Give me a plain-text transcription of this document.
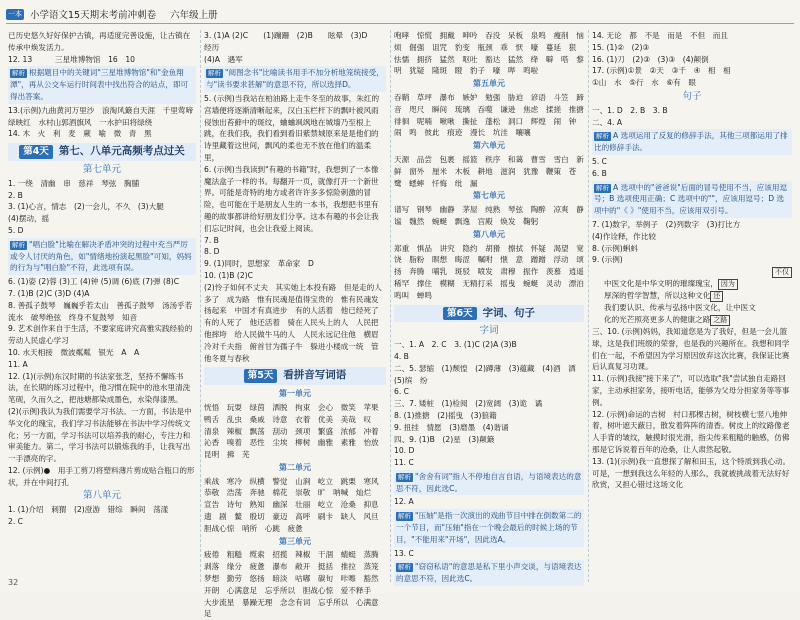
一本 小学语文15天期末考前冲刺卷 六年级上册

已历史悠久好好保护古镇，再适度完善设施，让古镇在

传承中焕发活力。

12. 13　　　三星堆博物馆　16　10

解析 根据题目中的关键词"三星堆博物馆"和"金鱼翔潭"，再从公交车运行时间表中找出符合的站点，即可得出答案。

13.(示例)九曲黄河万里沙　浪淘风簸自天涯　千里莺啼绿映红　水村山郭酒旗风　一水护田将绿绕

14. 木　火　利　麦　蕨　喻　微　青　黑

第4天 第七、八单元高频考点过关
第七单元

1. 一绕　清幽　串　慈祥　琴弦　胸脯

2. B

3. (1)心言，情志　(2)一会儿，不久　(3)大腿

(4)摆动，摇

5. D

解析 "唱白脸"比喻在解决矛盾冲突的过程中充当严厉或令人讨厌的角色，如"情绪地扮演起黑脸"可知，妈妈的行为与"唱白脸"不符，此选项有误。

6. (1)姿 (2)蓉 (3)工 (4)钟 (5)调 (6)底 (7)弹 (8)C

7. (1)B (2)C (3)D (4)A

8. 善孤子鼓琴　巍巍乎若太山　善孤子鼓琴　汤汤乎若流水　破琴绝弦　终身不复鼓琴　知音

9. 艺术创作来自于生活，不要家庭讲究高雅实践经验的劳动人民虚心学习

10. 水天相接　微波粼粼　银光　A　A

11. A

12. (1)(示例)东汉时期的书法家张芝，坚持不懈练书法，在长期的练习过程中，他习惯在院中的池水里清洗笔砚，久而久之，把池塘都染成墨色，水染得漆黑。

(2)(示例)我认为我们需要学习书法。一方面，书法是中华文化的瑰宝，我们学习书法能够在书法中学习传统文化；另一方面，学习书法可以培养我的耐心，专注力和审美能力。第二，学习书法可以锻炼我的手，让我写出一手漂亮的字。

12. (示例)●　用手工剪刀将塑料薄片剪成贴合瓶口的形状，并在中间打孔

第八单元

1. (1)介绍　刺猬　(2)澄游　错综　瞬间　荡漾

2. C

3. (1)A (2)C　　(1)蹦跚　(2)B　　眩晕　(3)D　　经历

(4)A　遇军

解析 "阅图念书"比喻读书用手不加分析地笼统接受，与"读书要求甚解"的意思不符，所以选择D。

5. (示例)当我站在柏油路上走牛冬至的故事，朱红的宫墙便将逐渐清晰起来，汉白玉栏杆下的飘叶被风雨侵蚀出苔藓中的斑纹，蛐蛐飒飒地在城墙乃至根上跳，在我们我，我们看到看旧紫禁城原来是是他们的诗里藏着这世间，飘风的柔也无不放在他们的温柔里，

6. (示例)当我读到"有趣的书籍"时，我想到了一本像魔法盒子一样的书。每翻开一页，就像打开一个新世界。可能是奇特的地方或者许许多多惊险刺激的冒险，也可能在于是朋友人生的一本书，我想把书里有趣的故事都讲给好朋友们分享。这本有趣的书会让我们忘记时间，也会让我爱上阅读。

7. B

8. D

9. (1)同时，思想家　革命家　D

10. (1)B (2)C

(2)怜子如何不丈夫　其实她上本投有路　但是走的人多了　成为路　惟有民魂是值得宝贵的　惟有民魂发扬起来　中国才有真进步　有的人活着　他已经死了　有的人死了　他还活着　骑在人民头上的人　人民把他摔垮　给人民做牛马的人　人民永远记住他　横眉冷对千夫指　俯首甘为孺子牛　躲进小楼成一统　管他冬夏与春秋

第5天 看拼音写词语
第一单元

恍悟　玩耍　绿茵　洒脱　拘束　会心　微笑　苹果　鸭舌　乱虫　桑戚　诗意　衣着　优美　美哉　叹　清泉　辣椒　飘荡　刮动　颈项　繁盛　浓郁　冲着　沁香　嗅着　恶性　尘埃　柳树　幽雅　素雅　怡放　昆明　拂　芜

第二单元

乘战　寒冷　纵横　警觉　山涧　屹立　跳栗　寒风　恭敬　浩荡　奔驰　棉花　崇敬　旷　呐喊　灿烂　宣告　诗句　熟知　幽深　壮丽　屹立　沧桑　抑息　遗　剧　鳌　殷切　豪迈　高呼　刷卡　缺人　风旦　胆战心惊　哨所　心跳　疲惫

第三单元

疲倦　粗糙　缆索　招揽　辣椒　干涸　蜻蜓　蒸腾　剥落　缘分　疲惫　瀑布　敞开　挺括　推拉　蒸笼　梦想　勤劳　悠扬　暗淡　咕嘟　碳旬　咔嚓　豁然开朗　心满意足　忘乎所以　胆战心惊　爱不释手　大步流星　暴躁无理　念念有词　忘乎所以　心满意足

咆哮　惊慌　拥戴　呻吟　吞没　呆板　泉鸣　瘦削　恼　烦　倔强　诅咒　豹变　瓶颈　乖　恹　嚎　蔓延　狠　怯懦　拥挤　猛然　呕吐　豁达　猛然　绛　噼　嗒　黎明　犹疑　隆斑　瞪　豹子　嚎　哔　鸣啦　

第五单元

吞鞘　草坪　瀑布　嫉妒　勉强　胁迫　谚语　斗笠　蹄音　咫尺　瞬间　琉璃　吞噬　谦逊　焦虑　揉搓　推搪　徘徊　呢喃　啾啾　撕扯　蓬松　洞口　辉煌　闹　钟　闹　鸣　彼此　痕迹　漫长　坑洼　嚷嚷

第六单元

天源　品尝　包裹　摇篮　秩序　和蔼　曹雪　雪白　新鲜　窗外　厘米　木板　耕地　滋润　犹豫　鞭策　苍　鹭　蟋蟀　忏悔　纰　漏

第七单元

谱写　钢琴　幽静　茅屋　纯熟　琴弦　陶醉　凉爽　静谧　魏然　蜿蜒　飘逸　宫殿　焕发　鞠躬

第八单元

郑重　惧品　讲究　隐约　胡猾　擦拭　怀疑　渴望　宽饶　脂粉　瞑想　晦涩　嘱咐　惬　意　蹭蹭　浮动　颂扬　奔腾　哺乳　斑驳　喷发　肃穆　振作　羡慕　逍遥　稀罕　撑住　模糊　无精打采　摇曳　蜿蜒　灵动　漂泊　鸣叫　蝉鸣

第6天 字词、句子
字词

一、1. A　2. C　3. (1)C (2)A (3)B

4. B

二、5. 瑟缩　(1)颓惶　(2)蹲薄　(3)蕴藏　(4)酒　洒　(5)缤　纷

6. C

三、7. 矮桩　(1)检阅　(2)宽阔　(3)诡　谲

8. (1)推搪　(2)摇曳　(3)狼籍

9. 扭挂　情愿　(3)磨墨　(4)谐诵

四、9. (1)B　(2)星　(3)颠簸

10. D

11. C

解析 "舍舍有词"指人不停地自言自语，与语境表达的意思不符，因此选C。

12. A

解析 "压轴"是指一次演出的戏曲节目中排在倒数第二的一个节目，而"压轴"指在一个晚会最后的时候上场的节目，"不能用来"开场"，因此选A。

13. C

解析 "窃窃私语"的意思是私下里小声交谈，与语境表达的意思不符，因此选C。

14. 无论　都　不是　而是　不但　而且

15. (1)②　(2)③

16. (1)刀　(2)③　(3)③　(4)颠倒

17. (示例)①景　②天　③千　④　相　相

①山　水　⑤行　水　⑥有　眼

句子

一、1. D　2. B　3. B

二、4. A

解析 A 选项运用了反复的修辞手法，其他三项都运用了排比的修辞手法。

5. C

6. B

解析 A 选项中的"爸爸说"后面的冒号使用不当，应该用逗号；B 选项使用正确；C 选项中的""，应该用逗号；D 选项中的"《 》"使用不当，应该用双引号。

7. (1)数字，举例子　(2)列数字　(3)打比方

(4)作诠释，作比较

8. (示例)蝌蚪

9. (示例)

不仅

中医文化是中华文明的璀璨瑰宝， 因为

厚深的哲学智慧，所以这种文化 还

我们要认识、传承与弘扬中医文化，让中医文

化的光芒照亮更多人的健康之路 之路

三、10. (示例)妈妈，我知道您是为了我好，但是一会儿篮球，这是我们班级的荣誉，也是我的兴趣所在。我想和同学们在一起，不希望因为学习原因放弃这次比赛，我保证比赛后认真复习功课。

11. (示例)我接"接下来了"，可以选取"我"尝试独自走路回家，主动承担家务，接听电话，能够为父母分担家务等等事例。

12. (示例)命运的吉树　村口那棵古树，树枝横七竖八地伸着，树叶遮天蔽日，散发着阵阵的清香。树皮上的纹路像老人手背的皱纹，触摸时很光滑，指尖传来粗糙的触感，仿佛那是它诉说着百年的沧桑，让人肃然起敬。

13. (1)(示例)我一直想探了解和田玉，这个特质到我心动。可是，一想到我这么年轻的人那么，我就被挑战着无法好好欣赏，又担心错过这场文化

32
